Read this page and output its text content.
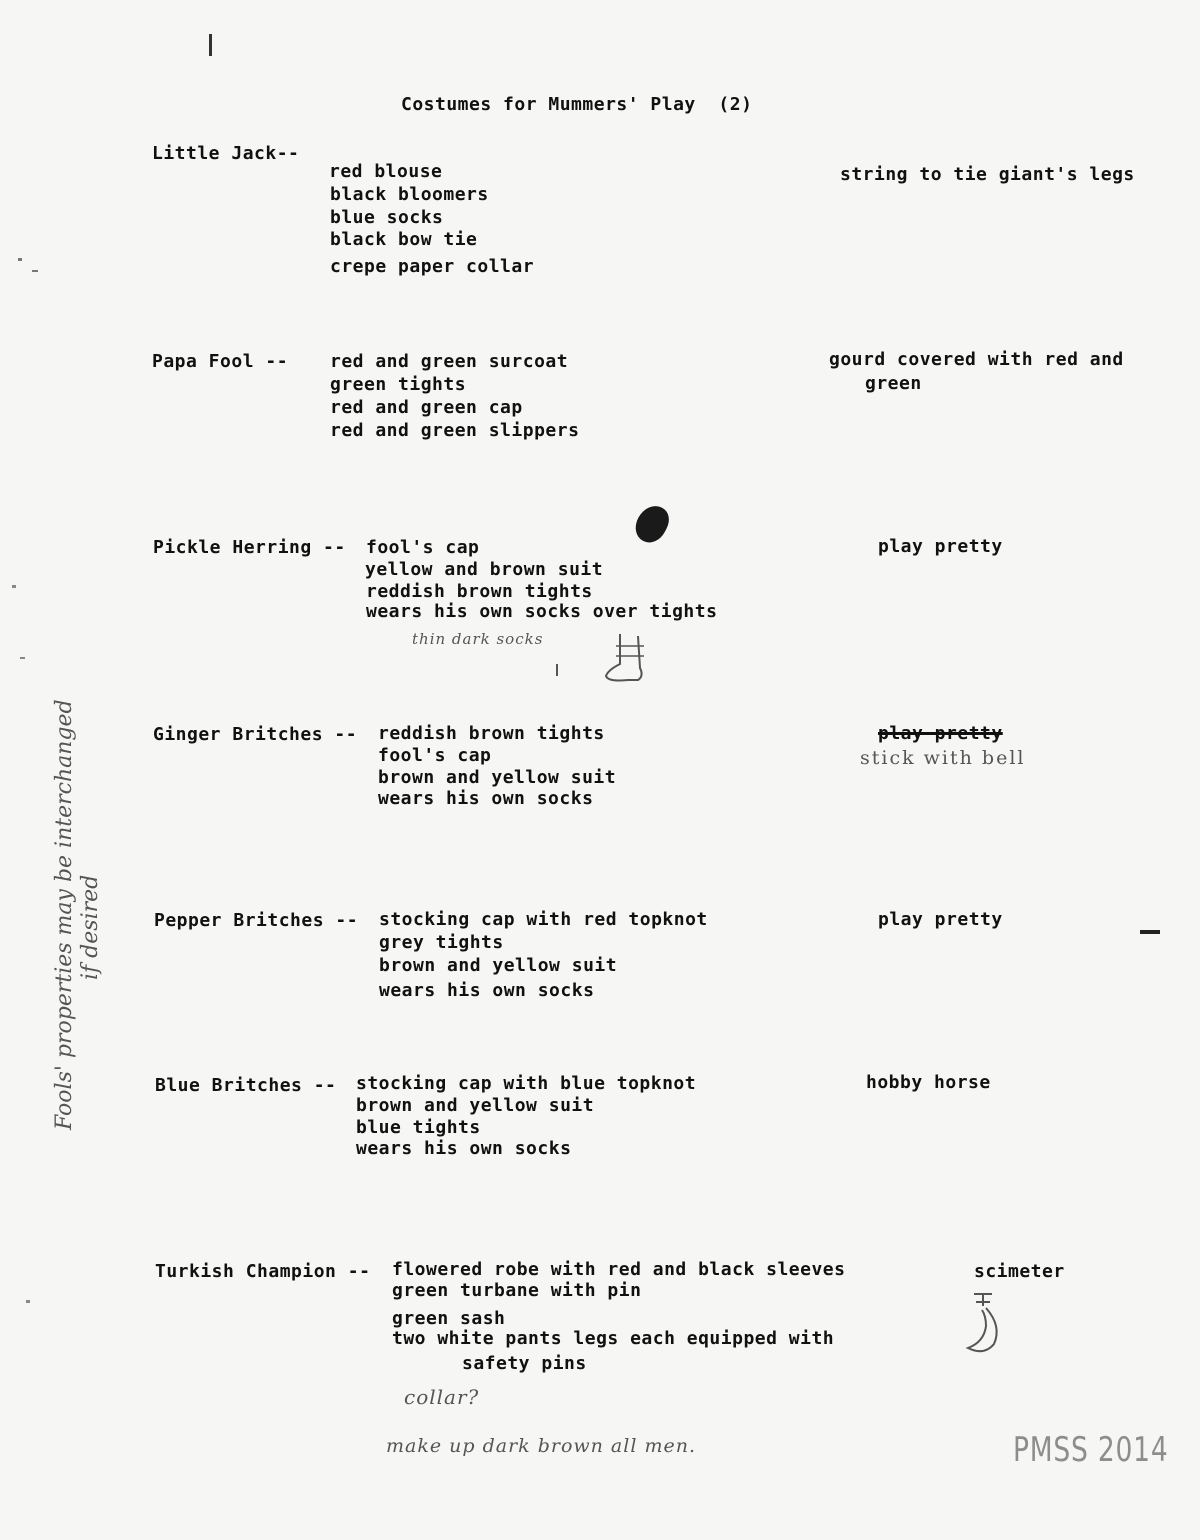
Costumes for Mummers' Play  (2)
Little Jack--
red blouse
black bloomers
blue socks
black bow tie
crepe paper collar
string to tie giant's legs
Papa Fool -- red and green surcoat
green tights
red and green cap
red and green slippers
gourd covered with red and
green
Pickle Herring -- fool's cap
yellow and brown suit
reddish brown tights
wears his own socks over tights
play pretty
thin dark socks
Ginger Britches -- reddish brown tights
fool's cap
brown and yellow suit
wears his own socks
play pretty
stick with bell
Pepper Britches -- stocking cap with red topknot
grey tights
brown and yellow suit
wears his own socks
play pretty
Blue Britches -- stocking cap with blue topknot
brown and yellow suit
blue tights
wears his own socks
hobby horse
Turkish Champion -- flowered robe with red and black sleeves
green turbane with pin
green sash
two white pants legs each equipped with
safety pins
scimeter
collar?
make up dark brown all men.
Fools' properties may be interchanged if desired
PMSS 2014
